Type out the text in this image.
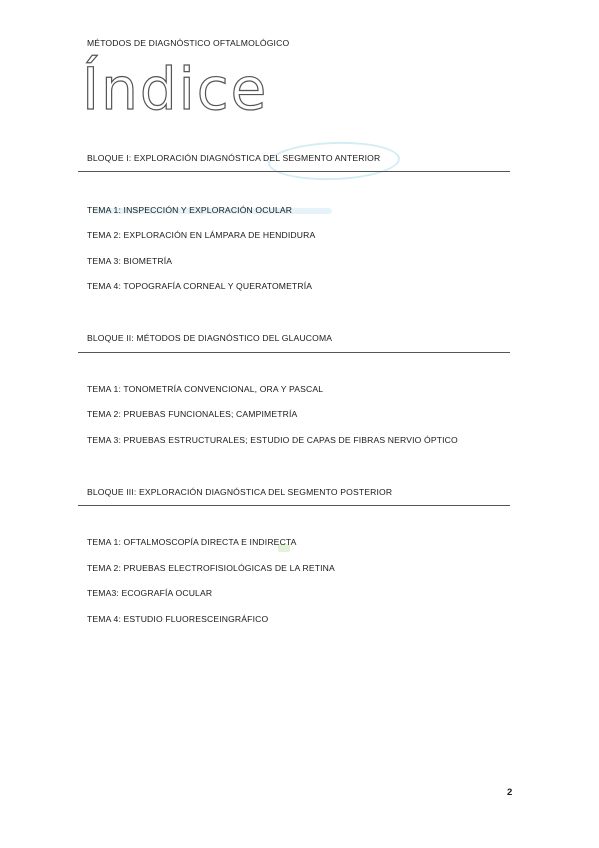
MÉTODOS DE DIAGNÓSTICO OFTALMOLÓGICO
Índice
BLOQUE I: EXPLORACIÓN DIAGNÓSTICA DEL SEGMENTO ANTERIOR
TEMA 1: INSPECCIÓN Y EXPLORACIÓN OCULAR
TEMA 2: EXPLORACIÓN EN LÁMPARA DE HENDIDURA
TEMA 3: BIOMETRÍA
TEMA 4: TOPOGRAFÍA CORNEAL Y QUERATOMETRÍA
BLOQUE II: MÉTODOS DE DIAGNÓSTICO DEL GLAUCOMA
TEMA 1: TONOMETRÍA CONVENCIONAL, ORA Y PASCAL
TEMA 2: PRUEBAS FUNCIONALES; CAMPIMETRÍA
TEMA 3: PRUEBAS ESTRUCTURALES; ESTUDIO DE CAPAS DE FIBRAS NERVIO ÓPTICO
BLOQUE III: EXPLORACIÓN DIAGNÓSTICA DEL SEGMENTO POSTERIOR
TEMA 1: OFTALMOSCOPÍA DIRECTA E INDIRECTA
TEMA 2: PRUEBAS ELECTROFISIOLÓGICAS DE LA RETINA
TEMA3: ECOGRAFÍA OCULAR
TEMA 4: ESTUDIO FLUORESCEINGRÁFICO
2
